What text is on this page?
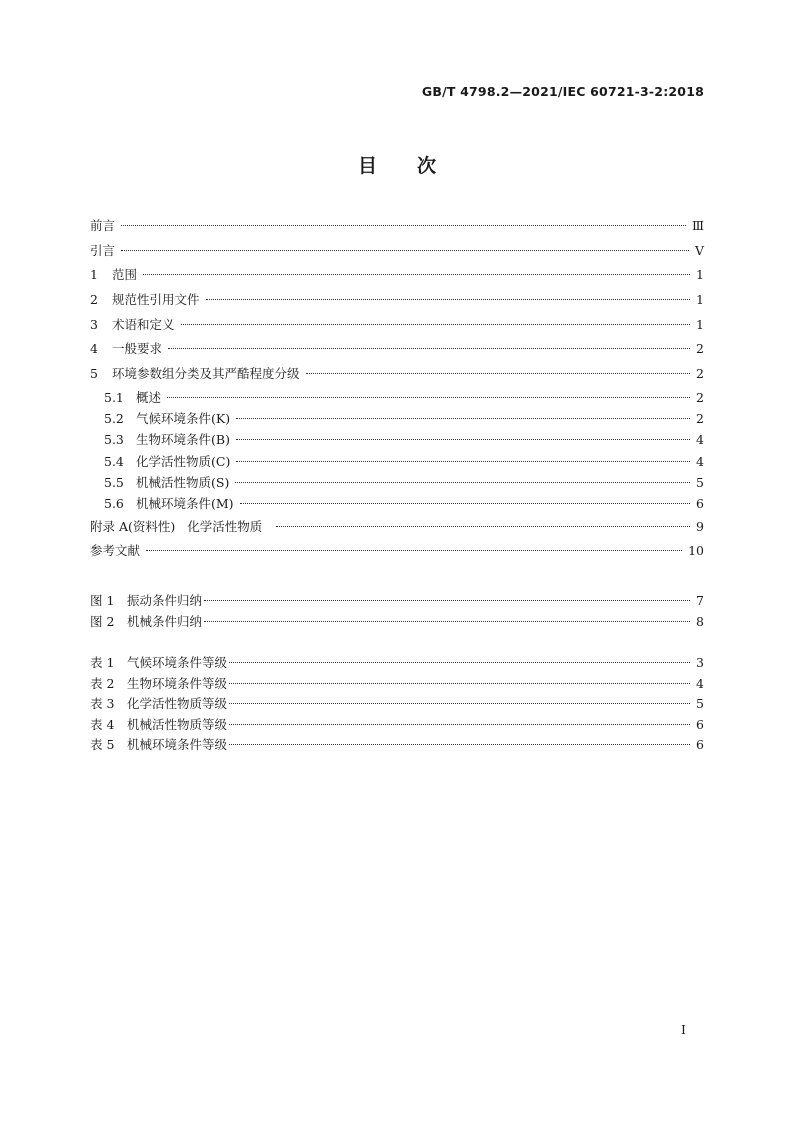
GB/T 4798.2—2021/IEC 60721-3-2:2018
目 次
前言	Ⅲ
引言	Ⅴ
1	范围	1
2	规范性引用文件	1
3	术语和定义	1
4	一般要求	2
5	环境参数组分类及其严酷程度分级	2
5.1 概述	2
5.2 气候环境条件(K)	2
5.3 生物环境条件(B)	4
5.4 化学活性物质(C)	4
5.5 机械活性物质(S)	5
5.6 机械环境条件(M)	6
附录 A(资料性) 化学活性物质	9
参考文献	10
图 1	振动条件归纳	7
图 2	机械条件归纳	8
表 1	气候环境条件等级	3
表 2	生物环境条件等级	4
表 3	化学活性物质等级	5
表 4	机械活性物质等级	6
表 5	机械环境条件等级	6
I
